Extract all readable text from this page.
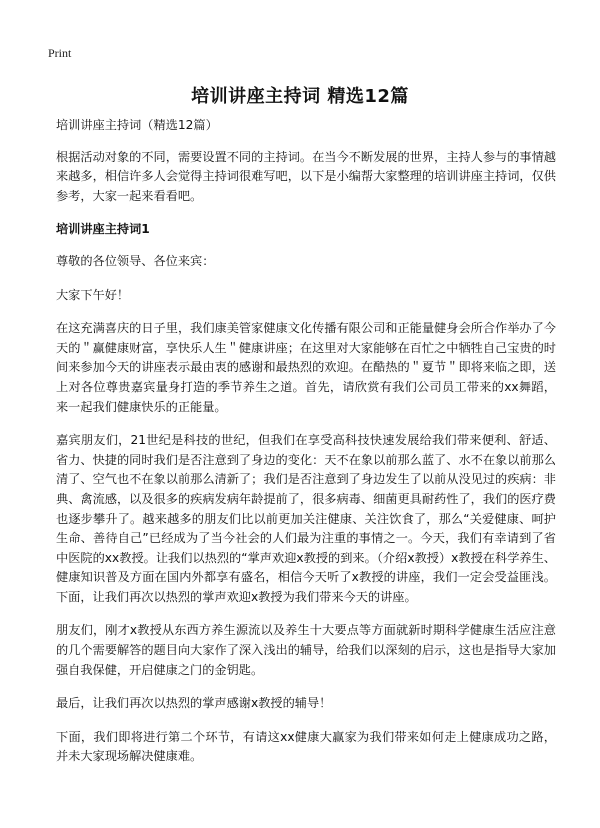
Print
培训讲座主持词 精选12篇

培训讲座主持词（精选12篇）

根据活动对象的不同，需要设置不同的主持词。在当今不断发展的世界，主持人参与的事情越来越多，相信许多人会觉得主持词很难写吧，以下是小编帮大家整理的培训讲座主持词，仅供参考，大家一起来看看吧。

培训讲座主持词1

尊敬的各位领导、各位来宾：

大家下午好！

在这充满喜庆的日子里，我们康美管家健康文化传播有限公司和正能量健身会所合作举办了今天的＂赢健康财富，享快乐人生＂健康讲座；在这里对大家能够在百忙之中牺牲自己宝贵的时间来参加今天的讲座表示最由衷的感谢和最热烈的欢迎。在酷热的＂夏节＂即将来临之即，送上对各位尊贵嘉宾量身打造的季节养生之道。首先，请欣赏有我们公司员工带来的xx舞蹈，来一起我们健康快乐的正能量。

嘉宾朋友们，21世纪是科技的世纪，但我们在享受高科技快速发展给我们带来便利、舒适、省力、快捷的同时我们是否注意到了身边的变化：天不在象以前那么蓝了、水不在象以前那么清了、空气也不在象以前那么清新了；我们是否注意到了身边发生了以前从没见过的疾病：非典、禽流感，以及很多的疾病发病年龄提前了，很多病毒、细菌更具耐药性了，我们的医疗费也逐步攀升了。越来越多的朋友们比以前更加关注健康、关注饮食了，那么“关爱健康、呵护生命、善待自己”已经成为了当今社会的人们最为注重的事情之一。今天，我们有幸请到了省中医院的xx教授。让我们以热烈的“掌声欢迎x教授的到来。（介绍x教授）x教授在科学养生、健康知识普及方面在国内外都享有盛名，相信今天听了x教授的讲座，我们一定会受益匪浅。下面，让我们再次以热烈的掌声欢迎x教授为我们带来今天的讲座。

朋友们，刚才x教授从东西方养生源流以及养生十大要点等方面就新时期科学健康生活应注意的几个需要解答的题目向大家作了深入浅出的辅导，给我们以深刻的启示，这也是指导大家加强自我保健，开启健康之门的金钥匙。

最后，让我们再次以热烈的掌声感谢x教授的辅导！

下面，我们即将进行第二个环节，有请这xx健康大赢家为我们带来如何走上健康成功之路，并未大家现场解决健康难。
